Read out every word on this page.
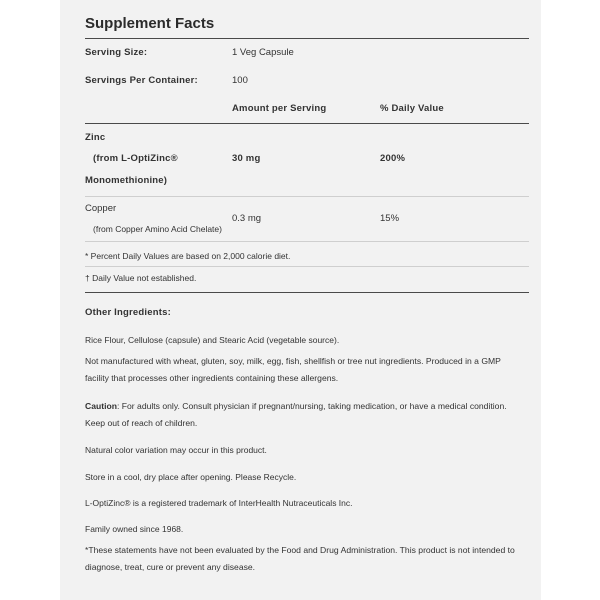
Supplement Facts
Serving Size:	1 Veg Capsule
Servings Per Container:	100
Amount per Serving	% Daily Value
Zinc
(from L-OptiZinc®	30 mg	200%
Monomethionine)
Copper
0.3 mg	15%
(from Copper Amino Acid Chelate)
* Percent Daily Values are based on 2,000 calorie diet.
† Daily Value not established.
Other Ingredients:
Rice Flour, Cellulose (capsule) and Stearic Acid (vegetable source).
Not manufactured with wheat, gluten, soy, milk, egg, fish, shellfish or tree nut ingredients. Produced in a GMP facility that processes other ingredients containing these allergens.
Caution: For adults only. Consult physician if pregnant/nursing, taking medication, or have a medical condition. Keep out of reach of children.
Natural color variation may occur in this product.
Store in a cool, dry place after opening. Please Recycle.
L-OptiZinc® is a registered trademark of InterHealth Nutraceuticals Inc.
Family owned since 1968.
*These statements have not been evaluated by the Food and Drug Administration. This product is not intended to diagnose, treat, cure or prevent any disease.
